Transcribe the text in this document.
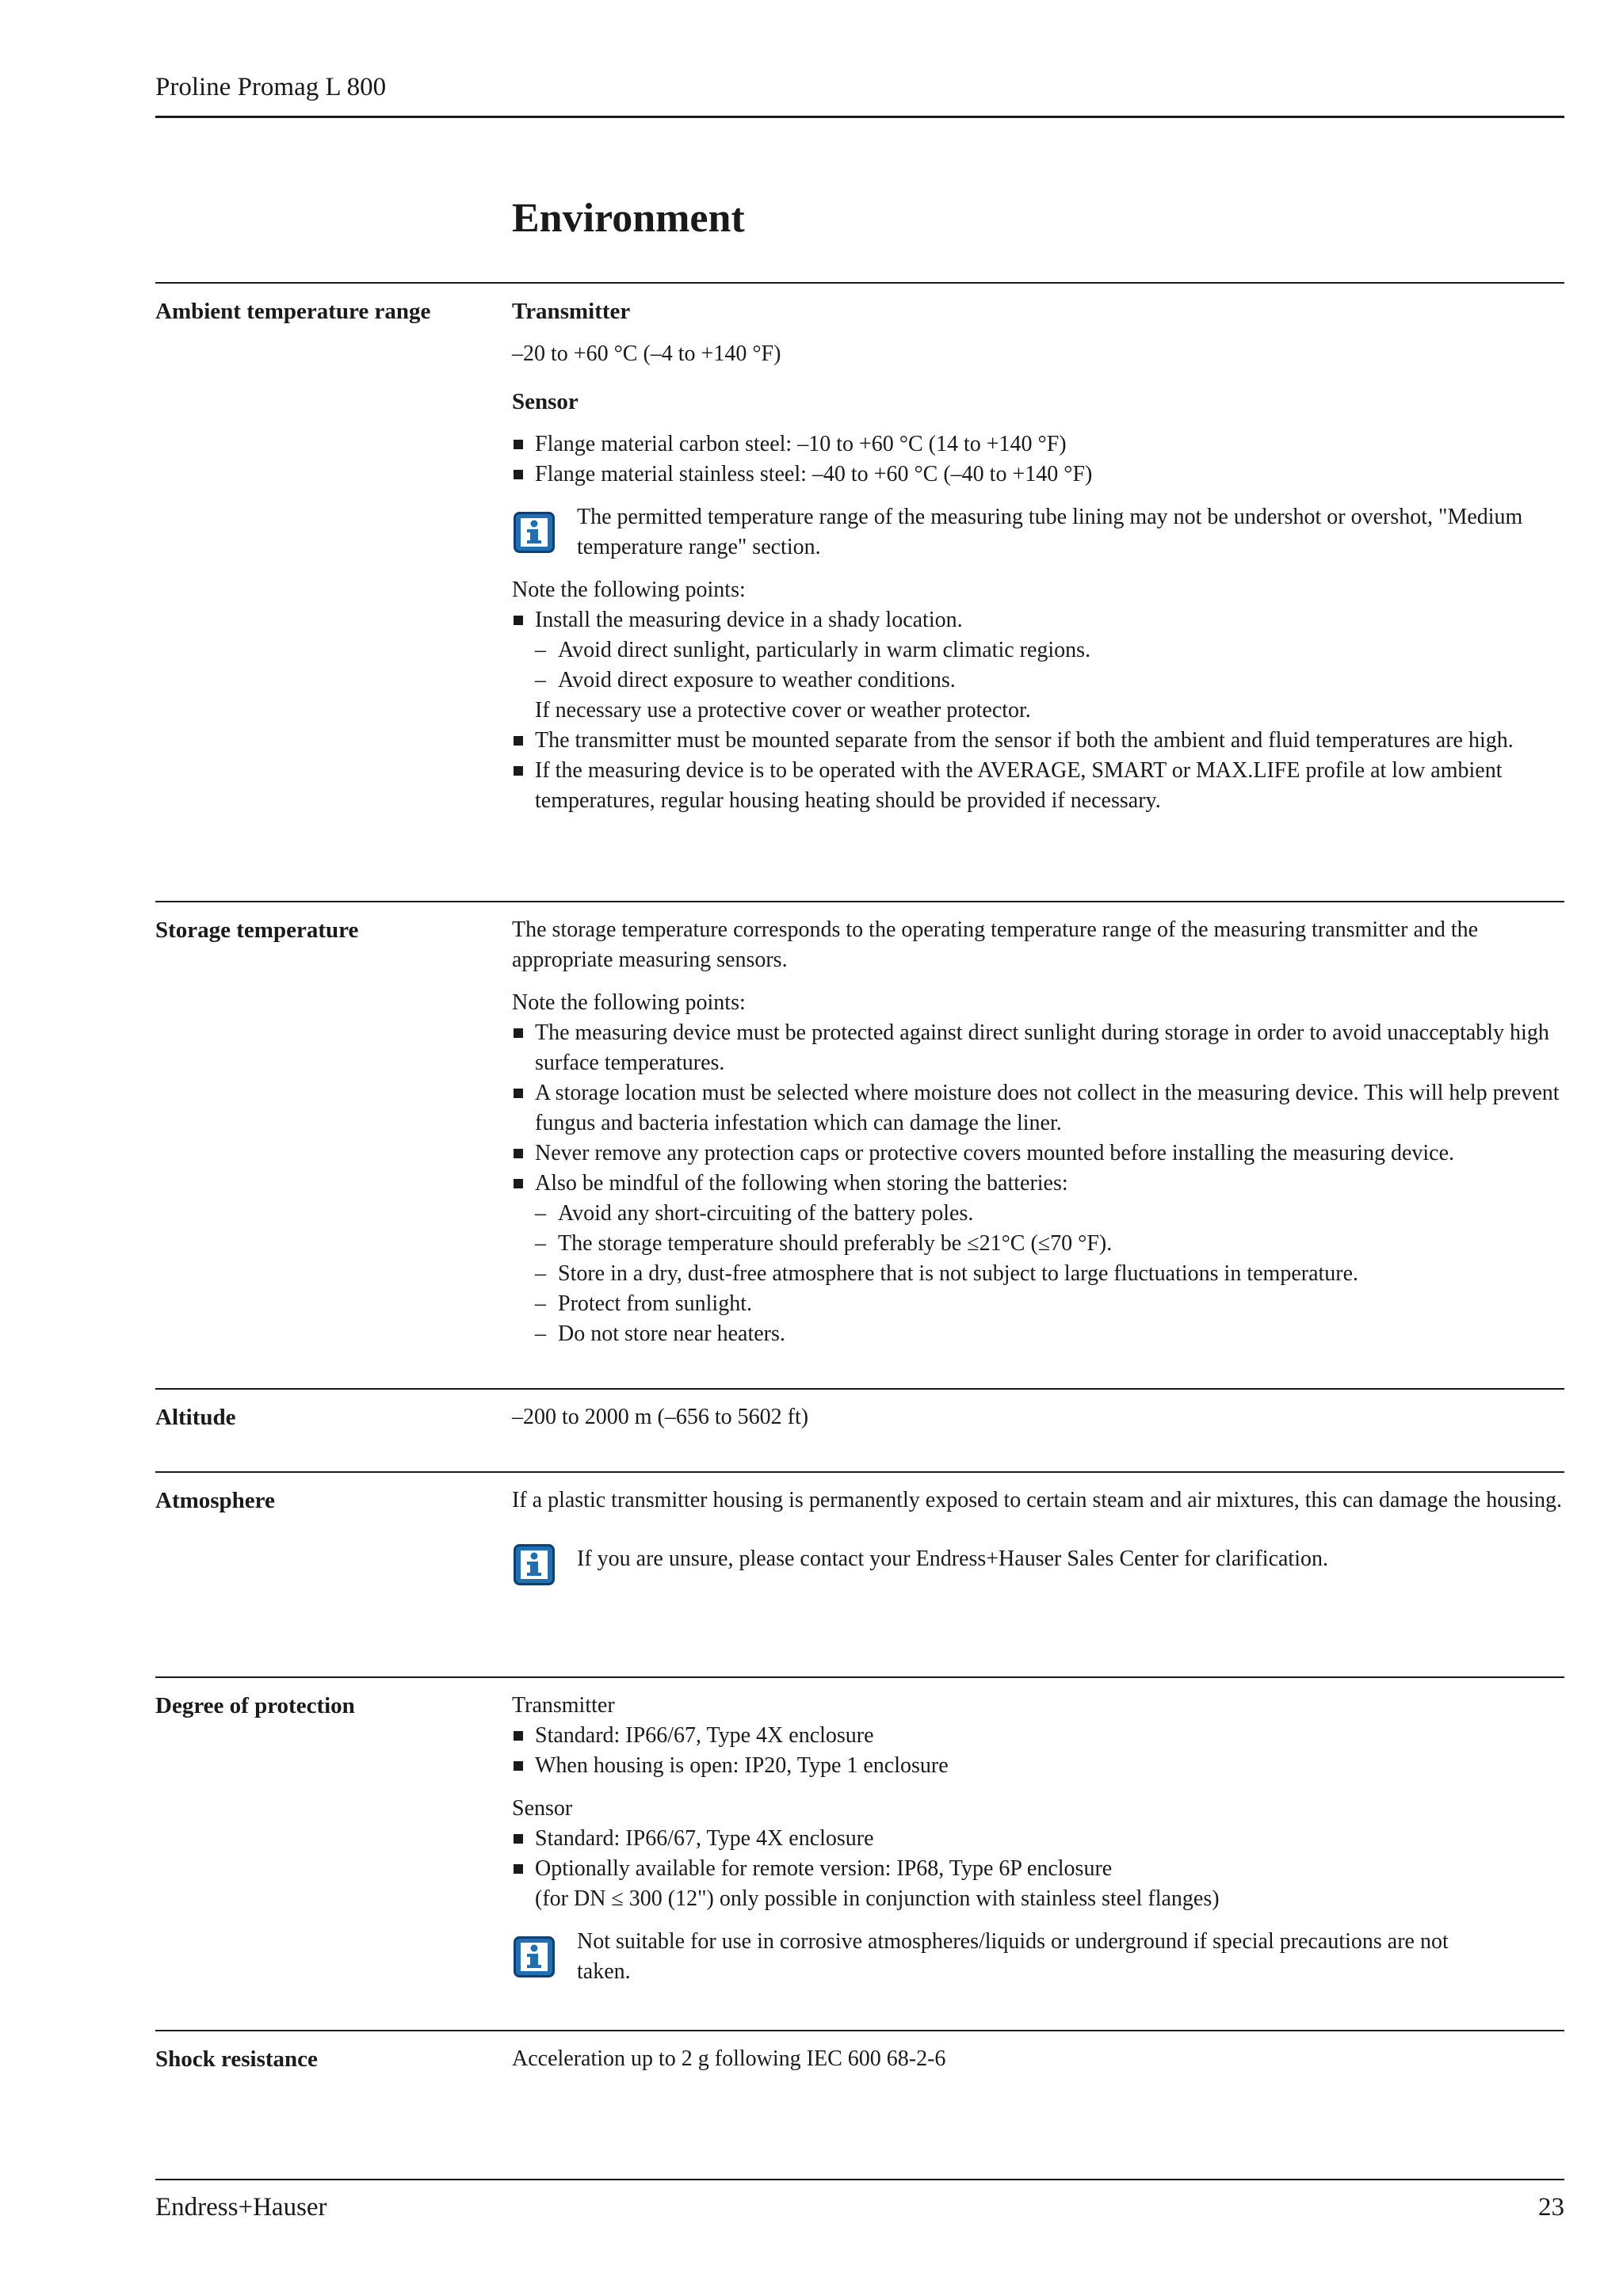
Proline Promag L 800
Environment
Ambient temperature range	Transmitter

–20 to +60 °C (–4 to +140 °F)

Sensor

Flange material carbon steel: –10 to +60 °C (14 to +140 °F)
Flange material stainless steel: –40 to +60 °C (–40 to +140 °F)

The permitted temperature range of the measuring tube lining may not be undershot or overshot, "Medium temperature range" section.

Note the following points:

Install the measuring device in a shady location.
– Avoid direct sunlight, particularly in warm climatic regions.
– Avoid direct exposure to weather conditions.

If necessary use a protective cover or weather protector.

The transmitter must be mounted separate from the sensor if both the ambient and fluid temperatures are high.
If the measuring device is to be operated with the AVERAGE, SMART or MAX.LIFE profile at low ambient temperatures, regular housing heating should be provided if necessary.
Storage temperature	The storage temperature corresponds to the operating temperature range of the measuring transmitter and the appropriate measuring sensors.

Note the following points:

The measuring device must be protected against direct sunlight during storage in order to avoid unacceptably high surface temperatures.
A storage location must be selected where moisture does not collect in the measuring device. This will help prevent fungus and bacteria infestation which can damage the liner.
Never remove any protection caps or protective covers mounted before installing the measuring device.
Also be mindful of the following when storing the batteries:
– Avoid any short-circuiting of the battery poles.
– The storage temperature should preferably be ≤21°C (≤70 °F).
– Store in a dry, dust-free atmosphere that is not subject to large fluctuations in temperature.
– Protect from sunlight.
– Do not store near heaters.
Altitude	–200 to 2000 m (–656 to 5602 ft)

Atmosphere	If a plastic transmitter housing is permanently exposed to certain steam and air mixtures, this can damage the housing.

If you are unsure, please contact your Endress+Hauser Sales Center for clarification.

Degree of protection	Transmitter

Standard: IP66/67, Type 4X enclosure
When housing is open: IP20, Type 1 enclosure

Sensor

Standard: IP66/67, Type 4X enclosure
Optionally available for remote version: IP68, Type 6P enclosure

(for DN ≤ 300 (12") only possible in conjunction with stainless steel flanges)

Not suitable for use in corrosive atmospheres/liquids or underground if special precautions are not taken.

Shock resistance	Acceleration up to 2 g following IEC 600 68-2-6

Endress+Hauser	23
